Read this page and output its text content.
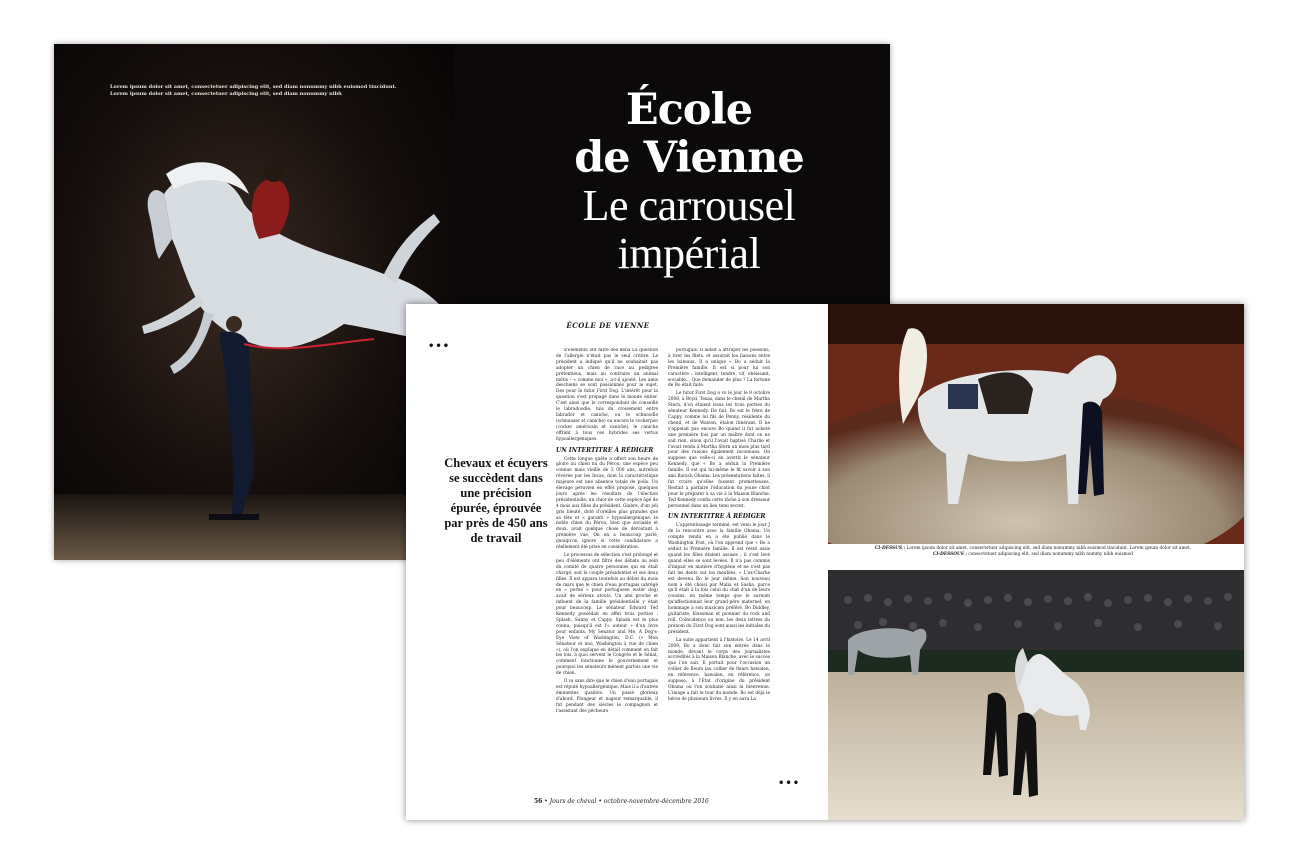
Lorem ipsum dolor sit amet, consectetuer adipiscing elit, sed diam nonummy nibh euismod tincidunt. Lorem ipsum dolor sit amet, consectetuer adipiscing elit, sed diam nonummy nibh	École
de Vienne
Le carrousel
impérial
ÉCOLE DE VIENNE
•••	d'éléments ont filtré des déba La question de l'allergie n'était pas le seul critère. Le président a indiqué qu'il ne souhaitait pas adopter un chien de race au pedigree prétentieux, mais au contraire un animal métis – « comme moi », a-t-il ajouté. Les amis deschiens se sont passionnés pour le sujet. Des pour le futur First Dog. L'intérêt pour la question s'est propagé dans le monde entier. C'est ainsi que le correspondant de conseillé le labradoodle, tuis du croisement entre labrador et caniche, ou le schnoodle (schnauzer et caniche) ou encore le cockerpoo (cocker américain et caniche), le caniche offrant à tous ces hybrides ses vertus hypoallergéniques.

UN INTERTITRE À RÉDIGER

Cette longue quête a offert son heure de gloire au chien nu du Pérou, une espèce peu connue mais vieille de 3 000 ans, autrefois révérée par les Incas, dont la caractéristique majeure est une absence totale de poils. Un élevage péruvien en effet proposé, quelques jours après les résultats de l'élection présidentielle, un chiot de cette espèce âgé de 4 mois aux filles du président. Glabre, d'un joli gris bleuté, doté d'oreilles plus grandes que sa tête et « garanti » hypoallergénique, le noble chien du Pérou, bien que sociable et doux, avait quelque chose de déroutant à première vue. On en a beaucoup parlé, quoiqu'on ignore si cette candidature a réellement été prise en considération.

Le processus de sélection s'est prolongé et peu d'éléments ont filtré des débats au sein du comité de quatre personnes qui en était chargé, soit le couple présidentiel et ses deux filles. Il est apparu toutefois au début du mois de mars que le chien d'eau portugais (abrégé en « portie » pour portuguese water dog) avait de sérieux atouts. Un ami proche et influent de la famille présidentielle y était pour beaucoup. Le sénateur Edward Ted Kennedy possédait en effet trois porties : Splash, Sunny et Cappy. Splash est le plus connu, puisqu'il est l'« auteur » d'un livre pour enfants, My Senator and Me, A Dog's-Eye View of Washington, D.C. (« Mon Sénateur et moi, Washington à vue de chien »), où l'on explique en détail comment on fait les lois, à quoi servent le Congrès et le Sénat, comment fonctionne le gouvernement et pourquoi les sénateurs mènent parfois une vie de chien.

Il va sans dire que le chien d'eau portugais est réputé hypoallergénique. Mais il a d'autres éminentes qualités. Un passé glorieux d'abord. Plongeur et nageur remarquable, il fut pendant des siècles le compagnon et l'assistant des pêcheurs

portugais. Il aidait à attraper les poissons, à tirer les filets, et assurait les liaisons entre les bateaux. Il a unique « Bo a séduit la Première famille. Il est si pour lui son caractère : intelligent, tendre, vif, obéissant, sociable… Que demander de plus ? La fortune de Bo était faite.

Le futur First Dog a vu le jour le 9 octobre 2008, à Boyd, Texas, dans le chenil de Martha Stern, d'où étaient issus les trois porties du sénateur Kennedy. De fait, Bo est le frère de Cappy, comme lui fils de Penny, résidente du chenil, et de Watson, étalon itinérant. Il ne s'appelait pas encore Bo quand il fut acheté une première fois par un maître dont on ne sait rien, sinon qu'il l'avait baptisé Charlie et l'avait rendu à Martha Stern un mois plus tard pour des raisons également inconnues. On suppose que celle-ci en avertit le sénateur Kennedy, que « Bo a séduit la Première famille. Il est qui lui-même le fit savoir à son ami Barack Obama. Les présentations faites, il fut croire qu'elles fussent prometteuses. Restait à parfaire l'éducation du jeune chiot pour le préparer à sa vie à la Maison Blanche. Ted Kennedy confia cette tâche à son dresseur personnel dans un lieu tenu secret.

UN INTERTITRE À RÉDIGER

L'apprentissage terminé, est venu le jour J de la rencontre avec la famille Obama. Un compte rendu en a été publié dans le Washington Post, où l'on apprend que « Bo a séduit la Première famille. Il est resté assis quand les filles étaient assises ; il s'est levé quand elles se sont levées. Il n'a pas commis d'impair en matière d'hygiène et ne s'est pas fait les dents sur les meubles. » L'ex-Charlie est devenu Bo le jour même. Son nouveau nom a été choisi par Malia et Sasha, parce qu'il était à la fois celui du chat d'un de leurs cousins, en même temps que le surnom qu'affectionnait leur grand-père maternel, en hommage à son musicien préféré, Bo Diddley, guitariste, bluesman et pionnier du rock and roll. Coïncidence ou non, les deux lettres du prénom du First Dog sont aussi les initiales du président.

La suite appartient à l'histoire. Le 14 avril 2009, Bo a donc fait son entrée dans le monde, devant le corps des journalistes accrédités à la Maison Blanche, avec le succès que l'on sait. Il portait pour l'occasion un collier de fleurs lau collier de fleurs hawaïen, en référence, hawaïen, en référence, on suppose, à l'État d'origine du président Obama où l'on souhaite ainsi la bienvenue. L'image a fait le tour du monde. Bo est déjà le héros de plusieurs livres. Il y en aura La

•••
56 • Jours de cheval • octobre-novembre-décembre 2016
CI-DESSUS : Lorem ipsum dolor sit amet, consectetuer adipiscing elit, sed diam nonummy nibh euismod tincidunt. Lorem ipsum dolor sit amet,
CI-DESSOUS : consectetuer adipiscing elit, sed diam nonummy nibh nummy nibh euismod
Chevaux et écuyers se succèdent dans une précision épurée, éprouvée par près de 450 ans de travail
